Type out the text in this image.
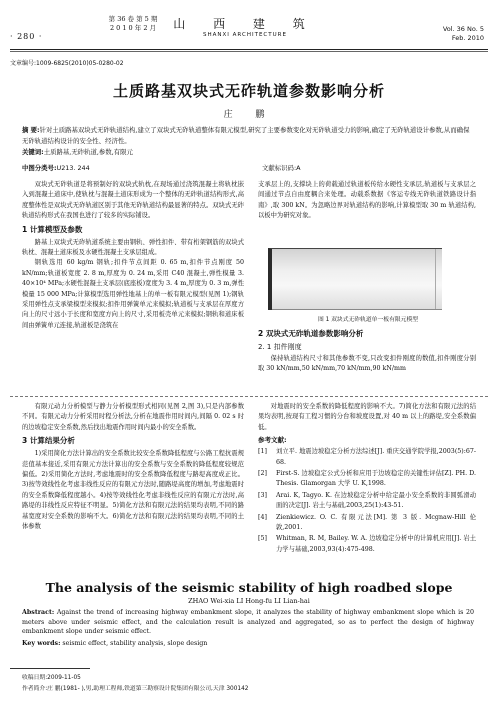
· 280 ·
第 36 卷 第 5 期
2 0 1 0 年 2 月	山 西 建 筑
SHANXI ARCHITECTURE
Vol. 36 No. 5
Feb. 2010
文章编号:1009-6825(2010)05-0280-02
土质路基双块式无砟轨道参数影响分析
庄 鹏
摘 要:针对土质路基双块式无砟轨道结构,建立了双块式无砟轨道整体有限元模型,研究了主要参数变化对无砟轨道受力的影响,确定了无砟轨道设计参数,从而确保无砟轨道结构设计的安全性、经济性。
关键词:土质路基,无砟轨道,参数,有限元
中图分类号:U213. 244	文献标识码:A

双块式无砟轨道是将预制好的双块式轨枕,在现场通过浇筑混凝土将轨枕嵌入到混凝土道床中,使轨枕与混凝土道床形成为一个整体的无砟轨道结构形式,高度整体性是双块式无砟轨道区别于其他无砟轨道结构最显著的特点。双块式无砟轨道结构形式在我国也进行了较多的实际铺设。

1 计算模型及参数

路基上双块式无砟轨道系统主要由钢轨、弹性扣件、带有桁架钢筋的双块式轨枕、混凝土道床板及水硬性混凝土支承层组成。

钢轨选用 60 kg/m 钢轨;扣件节点间距 0. 65 m,扣件节点刚度 50 kN/mm;轨道板宽度 2. 8 m,厚度为 0. 24 m,采用 C40 混凝土,弹性模量 3. 40×10⁴ MPa;水硬性混凝土支承层(底座板)宽度为 3. 4 m,厚度为 0. 3 m,弹性模量 15 000 MPa;计算模型选用弹性地基上的单一板有限元模型(见图 1);钢轨采用弹性点支承梁模型来模拟;扣件用弹簧单元来模拟;轨道板与支承层在厚度方向上的尺寸远小于长度和宽度方向上的尺寸,采用板壳单元来模拟;钢轨和道床板间由弹簧单元连接,轨道板是浇筑在

支承层上的,支撑块上的荷载通过轨道板传给水硬性支承层,轨道板与支承层之间通过节点自由度耦合来处理。动载系数据《客运专线无砟轨道铁路设计指南》,取 300 kN。为忽略边界对轨道结构的影响,计算模型取 30 m 轨道结构,以板中为研究对象。

图 1 双块式无砟轨道单一板有限元模型
2 双块式无砟轨道参数影响分析
2. 1 扣件刚度

保持轨道结构尺寸和其他参数不变,只改变扣件刚度的数值,扣件刚度分别取 30 kN/mm,50 kN/mm,70 kN/mm,90 kN/mm

有限元动力分析模型与静力分析模型形式相同(见图 2,图 3),只是内部参数不同。有限元动力分析采用时程分析法,分析在地震作用时间内,间隔 0. 02 s 时的边坡稳定安全系数,然后找出地震作用时间内最小的安全系数。

3 计算结果分析

1)采用简化方法计算出的安全系数比较安全系数降低程度与公路工程抗震规范值基本接近,采用有限元方法计算出的安全系数与安全系数的降低程度较规范偏低。2)采用简化方法时,考虑地震时的安全系数降低程度与路堤高度成正比。3)按等效线性化考虑非线性反应的有限元方法时,随路堤高度的增加,考虑地震时的安全系数降低程度越小。4)按等效线性化考虑非线性反应的有限元方法时,高路堤的非线性反应特征不明显。5)简化方法和有限元法的结果均表明,不同的路基宽度对安全系数的影响不大。6)简化方法和有限元法的结果均表明,不同的土体参数

对地震时的安全系数的降低程度的影响不大。7)简化方法和有限元法的结果均表明,按现有工程习惯的分台和坡度设置,对 40 m 以上的路堤,安全系数偏低。

参考文献:
[1]	刘立平. 地震边坡稳定分析方法综述[J]. 重庆交通学院学报,2003(5):67-68.
[2]	First-S. 边坡稳定公式分析和应用于边坡稳定的关键性评估[Z]. PH. D. Thesis. Glamorgan 大学 U. K,1998.
[3]	Arai. K, Tagyo. K. 在边坡稳定分析中给定最小安全系数的非圆弧滑动面的决定[J]. 岩土与基础,2003,25(1):43-51.
[4]	Zienkiewicz. O. C. 有限元法[M]. 第 3 版. Mcgnaw-Hill 伦敦,2001.
[5]	Whitman, R. M, Bailey. W. A. 边坡稳定分析中的计算机应用[J]. 岩土力学与基础,2003,93(4):475-498.
The analysis of the seismic stability of high roadbed slope
ZHAO Wei-xia LI Hong-fu LI Lian-hai
Abstract: Against the trend of increasing highway embankment slope, it analyzes the stability of highway embankment slope which is 20 meters above under seismic effect, and the calculation result is analyzed and aggregated, so as to perfect the design of highway embankment slope under seismic effect.
Key words: seismic effect, stability analysis, slope design
收稿日期:2009-11-05
作者简介:庄 鹏(1981- ),男,助理工程师,铁道第三勘察设计院集团有限公司,天津 300142
